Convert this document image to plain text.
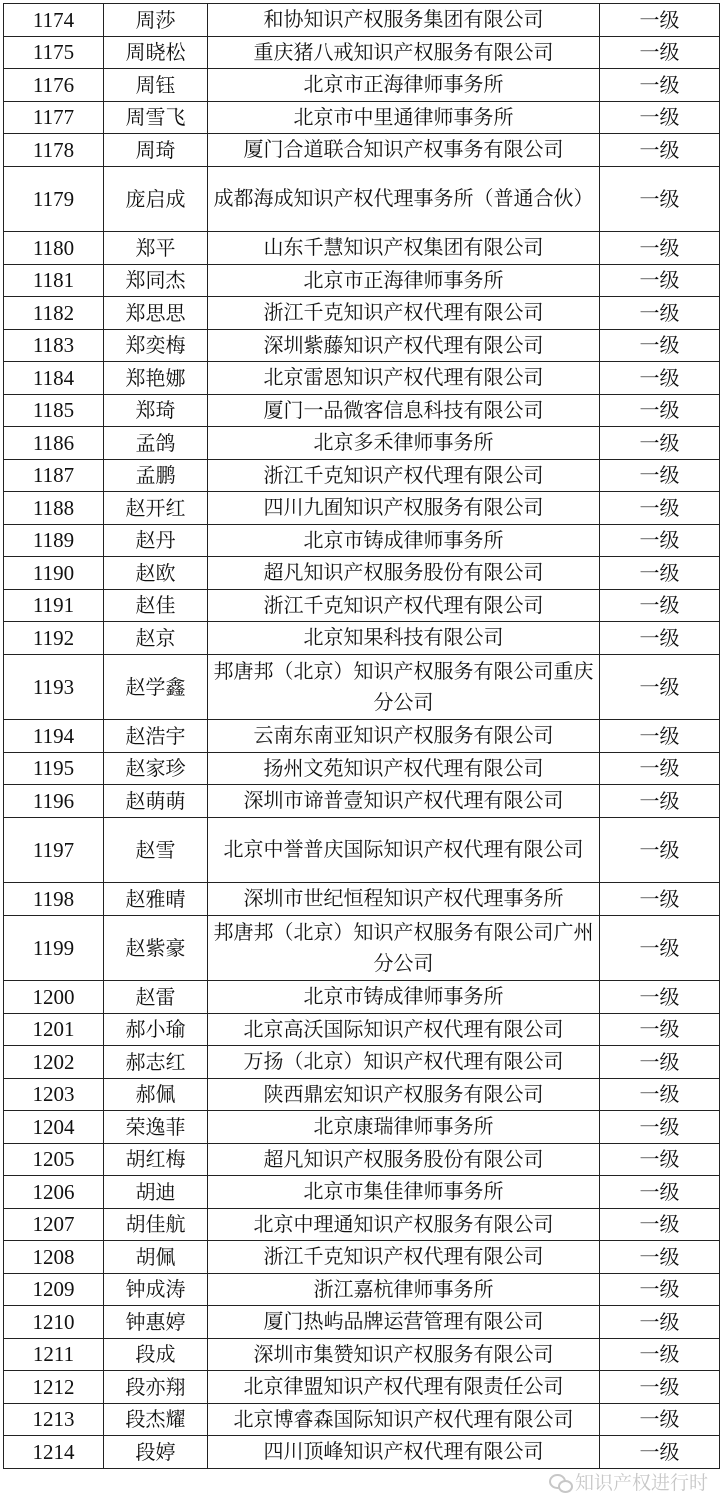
1174	周莎	和协知识产权服务集团有限公司	一级
1175	周晓松	重庆猪八戒知识产权服务有限公司	一级
1176	周钰	北京市正海律师事务所	一级
1177	周雪飞	北京市中里通律师事务所	一级
1178	周琦	厦门合道联合知识产权事务有限公司	一级
1179	庞启成	成都海成知识产权代理事务所（普通合伙）	一级
1180	郑平	山东千慧知识产权集团有限公司	一级
1181	郑同杰	北京市正海律师事务所	一级
1182	郑思思	浙江千克知识产权代理有限公司	一级
1183	郑奕梅	深圳紫藤知识产权代理有限公司	一级
1184	郑艳娜	北京雷恩知识产权代理有限公司	一级
1185	郑琦	厦门一品微客信息科技有限公司	一级
1186	孟鸽	北京多禾律师事务所	一级
1187	孟鹏	浙江千克知识产权代理有限公司	一级
1188	赵开红	四川九囿知识产权服务有限公司	一级
1189	赵丹	北京市铸成律师事务所	一级
1190	赵欧	超凡知识产权服务股份有限公司	一级
1191	赵佳	浙江千克知识产权代理有限公司	一级
1192	赵京	北京知果科技有限公司	一级
1193	赵学鑫	邦唐邦（北京）知识产权服务有限公司重庆分公司	一级
1194	赵浩宇	云南东南亚知识产权服务有限公司	一级
1195	赵家珍	扬州文苑知识产权代理有限公司	一级
1196	赵萌萌	深圳市谛普壹知识产权代理有限公司	一级
1197	赵雪	北京中誉普庆国际知识产权代理有限公司	一级
1198	赵雅晴	深圳市世纪恒程知识产权代理事务所	一级
1199	赵紫豪	邦唐邦（北京）知识产权服务有限公司广州分公司	一级
1200	赵雷	北京市铸成律师事务所	一级
1201	郝小瑜	北京高沃国际知识产权代理有限公司	一级
1202	郝志红	万扬（北京）知识产权代理有限公司	一级
1203	郝佩	陕西鼎宏知识产权服务有限公司	一级
1204	荣逸菲	北京康瑞律师事务所	一级
1205	胡红梅	超凡知识产权服务股份有限公司	一级
1206	胡迪	北京市集佳律师事务所	一级
1207	胡佳航	北京中理通知识产权服务有限公司	一级
1208	胡佩	浙江千克知识产权代理有限公司	一级
1209	钟成涛	浙江嘉杭律师事务所	一级
1210	钟惠婷	厦门热屿品牌运营管理有限公司	一级
1211	段成	深圳市集赞知识产权服务有限公司	一级
1212	段亦翔	北京律盟知识产权代理有限责任公司	一级
1213	段杰耀	北京博睿森国际知识产权代理有限公司	一级
1214	段婷	四川顶峰知识产权代理有限公司	一级
知识产权进行时
